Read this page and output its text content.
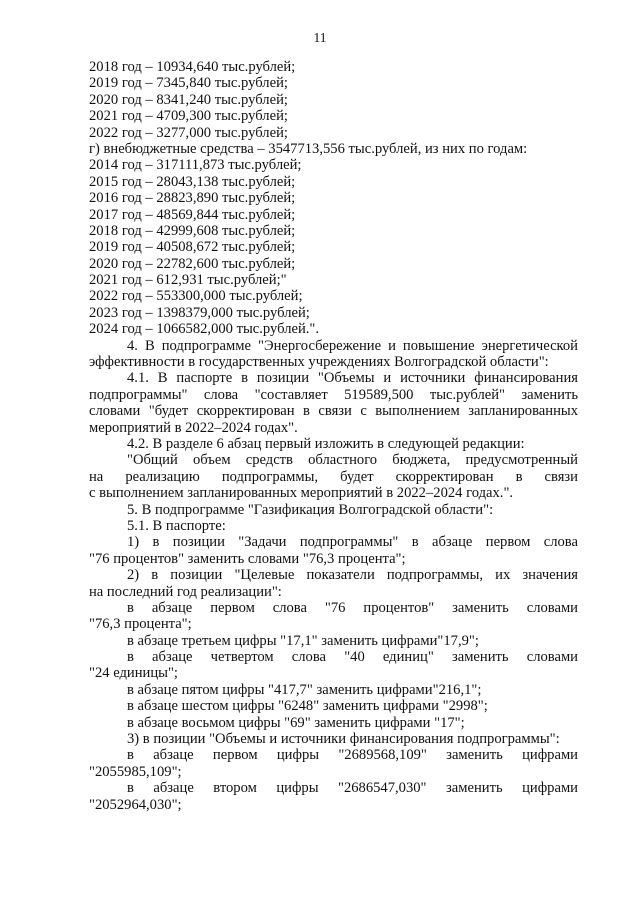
11
2018 год – 10934,640 тыс.рублей;
2019 год – 7345,840 тыс.рублей;
2020 год – 8341,240 тыс.рублей;
2021 год – 4709,300 тыс.рублей;
2022 год – 3277,000 тыс.рублей;
г) внебюджетные средства – 3547713,556 тыс.рублей, из них по годам:
2014 год – 317111,873 тыс.рублей;
2015 год – 28043,138 тыс.рублей;
2016 год – 28823,890 тыс.рублей;
2017 год – 48569,844 тыс.рублей;
2018 год – 42999,608 тыс.рублей;
2019 год – 40508,672 тыс.рублей;
2020 год – 22782,600 тыс.рублей;
2021 год – 612,931 тыс.рублей;"
2022 год – 553300,000 тыс.рублей;
2023 год – 1398379,000 тыс.рублей;
2024 год – 1066582,000 тыс.рублей.".
4. В подпрограмме "Энергосбережение и повышение энергетической
эффективности в государственных учреждениях Волгоградской области":
4.1. В паспорте в позиции "Объемы и источники финансирования
подпрограммы" слова "составляет 519589,500 тыс.рублей" заменить
словами "будет скорректирован в связи с выполнением запланированных
мероприятий в 2022–2024 годах".
4.2. В разделе 6 абзац первый изложить в следующей редакции:
"Общий объем средств областного бюджета, предусмотренный
на реализацию подпрограммы, будет скорректирован в связи
с выполнением запланированных мероприятий в 2022–2024 годах.".
5. В подпрограмме "Газификация Волгоградской области":
5.1. В паспорте:
1) в позиции "Задачи подпрограммы" в абзаце первом слова
"76 процентов" заменить словами "76,3 процента";
2) в позиции "Целевые показатели подпрограммы, их значения
на последний год реализации":
в абзаце первом слова "76 процентов" заменить словами
"76,3 процента";
в абзаце третьем цифры "17,1" заменить цифрами"17,9";
в абзаце четвертом слова "40 единиц" заменить словами
"24 единицы";
в абзаце пятом цифры "417,7" заменить цифрами"216,1";
в абзаце шестом цифры "6248" заменить цифрами "2998";
в абзаце восьмом цифры "69" заменить цифрами "17";
3) в позиции "Объемы и источники финансирования подпрограммы":
в абзаце первом цифры "2689568,109" заменить цифрами
"2055985,109";
в абзаце втором цифры "2686547,030" заменить цифрами
"2052964,030";
